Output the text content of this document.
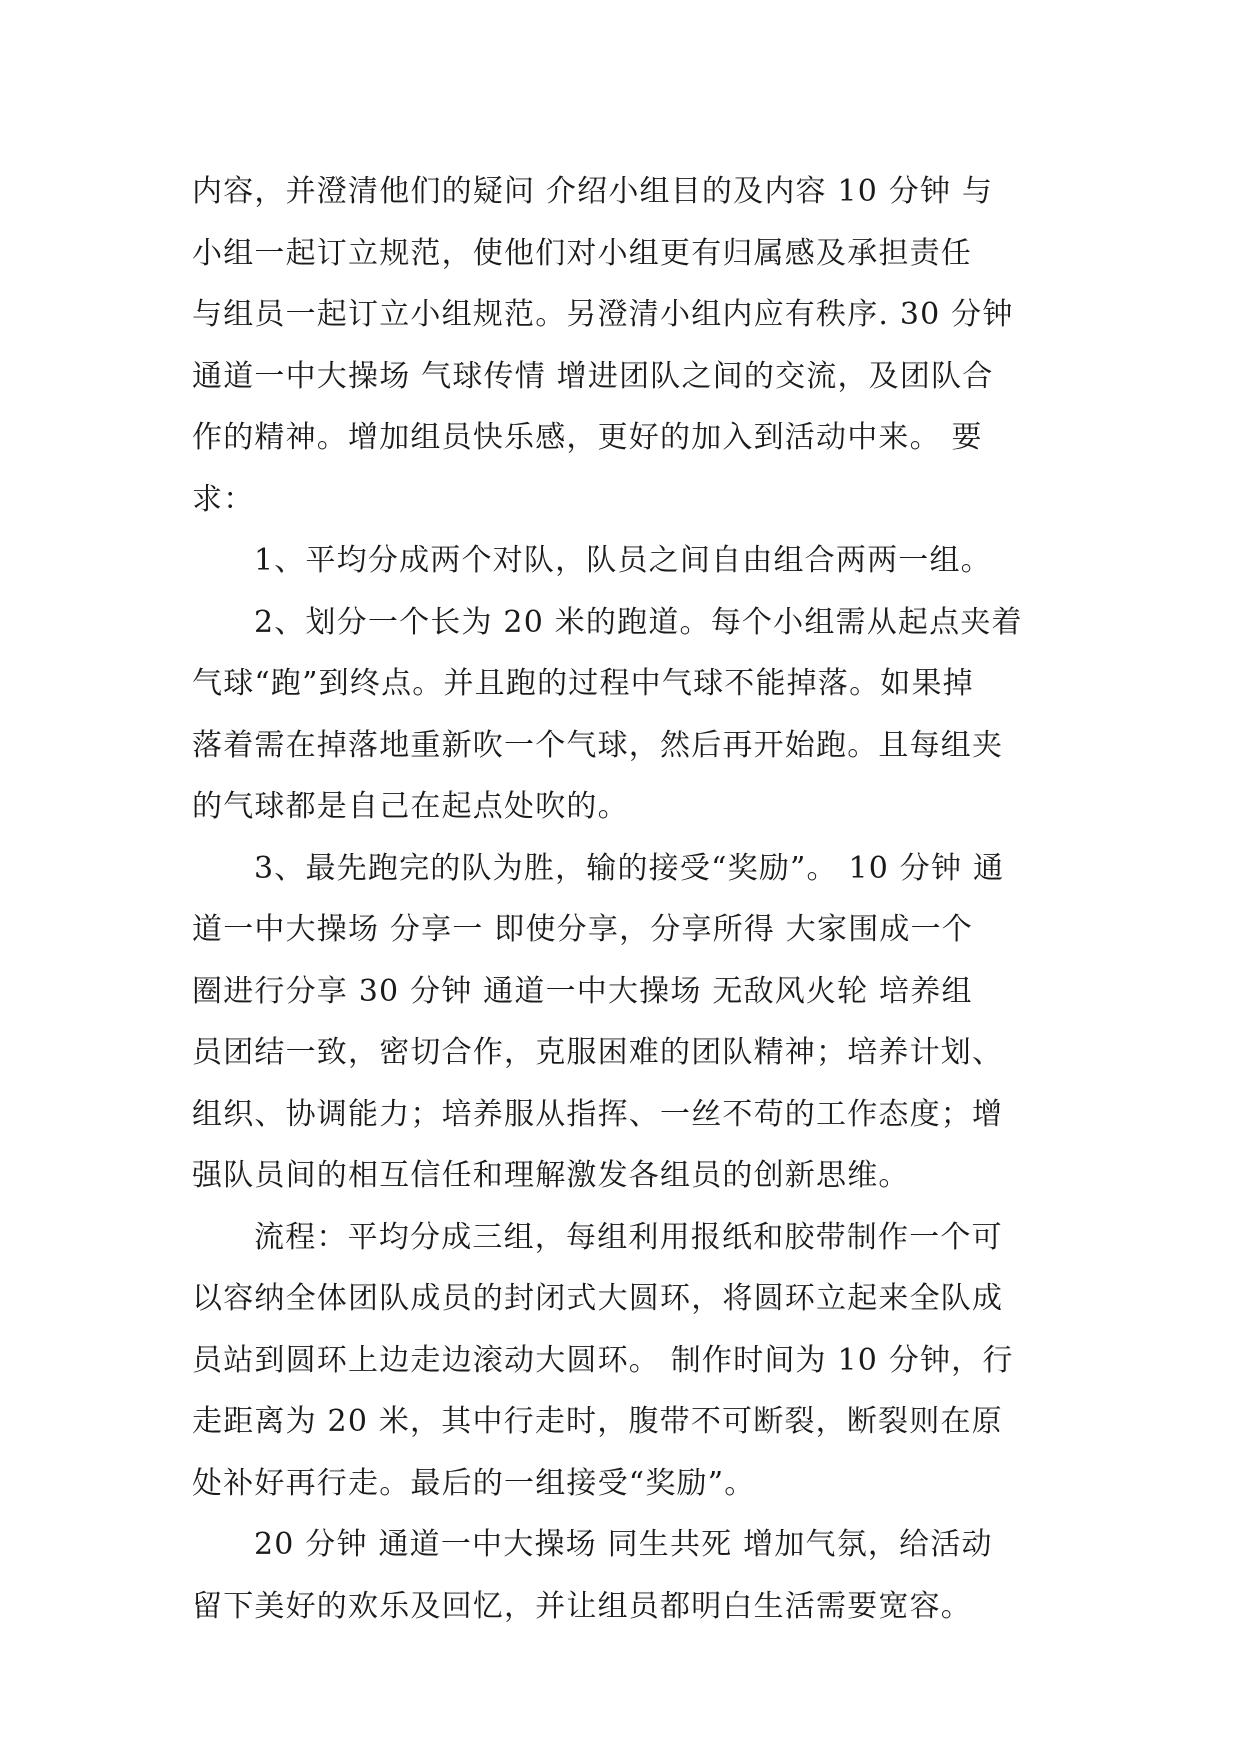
内容，并澄清他们的疑问 介绍小组目的及内容 10 分钟 与
小组一起订立规范，使他们对小组更有归属感及承担责任
与组员一起订立小组规范。另澄清小组内应有秩序. 30 分钟
通道一中大操场 气球传情 增进团队之间的交流，及团队合
作的精神。增加组员快乐感，更好的加入到活动中来。 要
求：
1、平均分成两个对队，队员之间自由组合两两一组。
2、划分一个长为 20 米的跑道。每个小组需从起点夹着
气球“跑”到终点。并且跑的过程中气球不能掉落。如果掉
落着需在掉落地重新吹一个气球，然后再开始跑。且每组夹
的气球都是自己在起点处吹的。
3、最先跑完的队为胜，输的接受“奖励”。 10 分钟 通
道一中大操场 分享一 即使分享，分享所得 大家围成一个
圈进行分享 30 分钟 通道一中大操场 无敌风火轮 培养组
员团结一致，密切合作，克服困难的团队精神；培养计划、
组织、协调能力；培养服从指挥、一丝不苟的工作态度；增
强队员间的相互信任和理解激发各组员的创新思维。
流程：平均分成三组，每组利用报纸和胶带制作一个可
以容纳全体团队成员的封闭式大圆环，将圆环立起来全队成
员站到圆环上边走边滚动大圆环。 制作时间为 10 分钟，行
走距离为 20 米，其中行走时，腹带不可断裂，断裂则在原
处补好再行走。最后的一组接受“奖励”。
20 分钟 通道一中大操场 同生共死 增加气氛，给活动
留下美好的欢乐及回忆，并让组员都明白生活需要宽容。
